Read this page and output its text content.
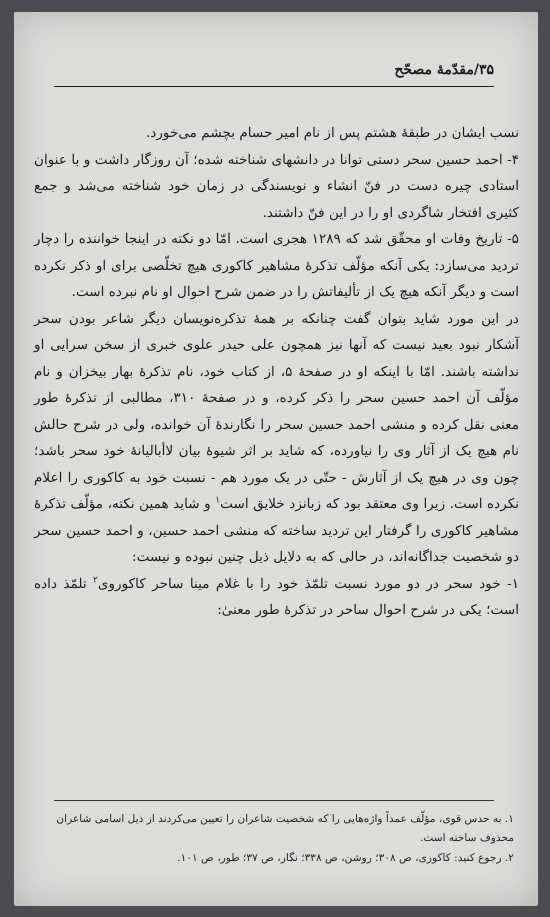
۳۵/مقدّمهٔ مصحّح

نسب ایشان در طبقهٔ هشتم پس از نام امیر حسام بچشم می‌خورد.

۴- احمد حسین سحر دستی توانا در دانشهای شناخته شده؛ آن روزگار داشت و با عنوان استادی چیره دست در فنّ انشاء و نویسندگی در زمان خود شناخته می‌شد و جمع کثیری افتخار شاگردی او را در این فنّ داشتند.

۵- تاریخ وفات او محقّق شد که ۱۲۸۹ هجری است. امّا دو نکته در اینجا خواننده را دچار تردید می‌سازد: یکی آنکه مؤلّف تذکرهٔ مشاهیر کاکوری هیچ تخلّصی برای او ذکر نکرده است و دیگر آنکه هیچ یک از تألیفاتش را در ضمن شرح احوال او نام نبرده است.

در این مورد شاید بتوان گفت چنانکه بر همهٔ تذکره‌نویسان دیگر شاعر بودن سحر آشکار نبود بعید نیست که آنها نیز همچون علی حیدر علوی خبری از سخن سرایی او نداشته باشند. امّا با اینکه او در صفحهٔ ۵، از کتاب خود، نام تذکرهٔ بهار بیخزان و نام مؤلّف آن احمد حسین سحر را ذکر کرده، و در صفحهٔ ۳۱۰، مطالبی از تذکرهٔ طور معنی نقل کرده و منشی احمد حسین سحر را نگارندهٔ آن خوانده، ولی در شرح حالش نام هیچ یک از آثار وی را نیاورده، که شاید بر اثر شیوهٔ بیان لاأبالیانهٔ خود سحر باشد؛ چون وی در هیچ یک از آثارش - حتّی در یک مورد هم - نسبت خود به کاکوری را اعلام نکرده است. زیرا وی معتقد بود که زبانزد خلایق است$^۱$ و شاید همین نکته، مؤلّف تذکرهٔ مشاهیر کاکوری را گرفتار این تردید ساخته که منشی احمد حسین، و احمد حسین سحر دو شخصیت جداگانه‌اند، در حالی که به دلایل ذیل چنین نبوده و نیست:

۱- خود سحر در دو مورد نسبت تلمّذ خود را با غلام مینا ساحر کاکوروی$^۲$ تلمّذ داده است؛ یکی در شرح احوال ساحر در تذکرهٔ طور معنیٰ:

۱. به حدس قوی، مؤلّف عمداً واژه‌هایی را که شخصیت شاعران را تعیین می‌کردند از ذیل اسامی شاعران محذوف ساخته است.

۲. رجوع کنید: کاکوری، ص ۳۰۸؛ روشن، ص ۳۳۸؛ نگار، ص ۳۷؛ طور، ص ۱۰۱.
